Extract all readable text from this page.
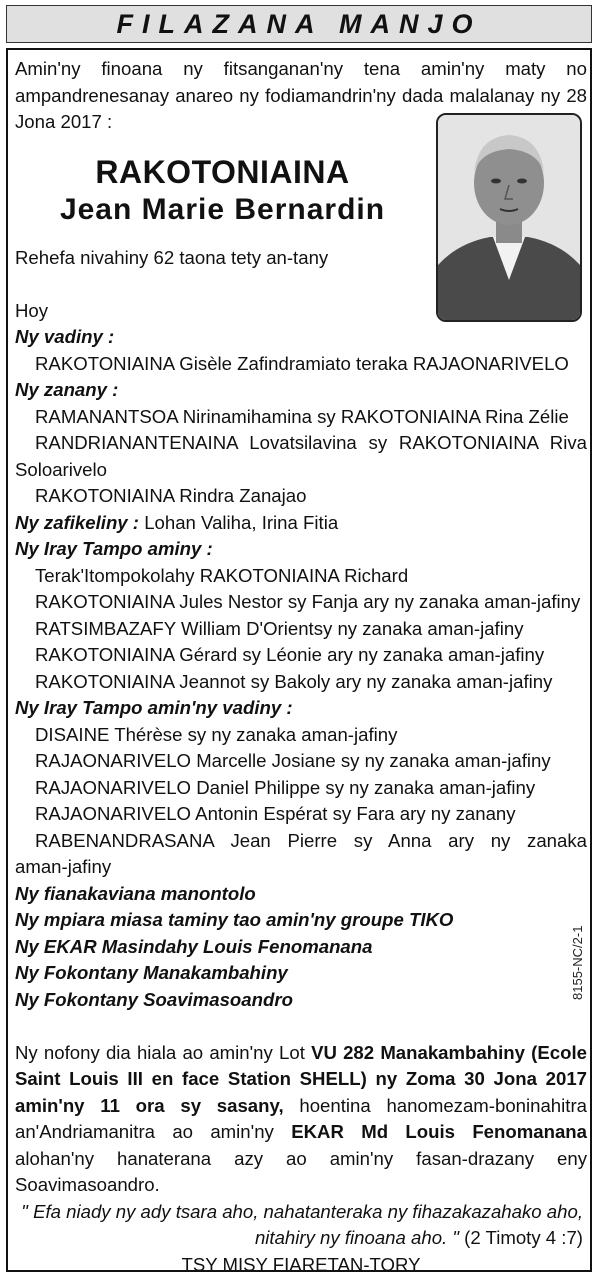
FILAZANA MANJO
8155-NC/2-1

Amin'ny finoana ny fitsanganan'ny tena amin'ny maty no ampandrenesanay anareo ny fodiamandrin'ny dada malalanay ny 28 Jona 2017 :

RAKOTONIAINA
Jean Marie Bernardin

Rehefa nivahiny 62 taona tety an-tany

Hoy

Ny vadiny :

RAKOTONIAINA Gisèle Zafindramiato teraka RAJAONARIVELO

Ny zanany :

RAMANANTSOA Nirinamihamina sy RAKOTONIAINA Rina Zélie

RANDRIANANTENAINA Lovatsilavina sy RAKOTONIAINA Riva

Soloarivelo

RAKOTONIAINA Rindra Zanajao

Ny zafikeliny : Lohan Valiha, Irina Fitia

Ny Iray Tampo aminy :

Terak'Itompokolahy RAKOTONIAINA Richard

RAKOTONIAINA Jules Nestor sy Fanja ary ny zanaka aman-jafiny

RATSIMBAZAFY William D'Orientsy ny zanaka aman-jafiny

RAKOTONIAINA Gérard sy Léonie ary ny zanaka aman-jafiny

RAKOTONIAINA Jeannot sy Bakoly ary ny zanaka aman-jafiny

Ny Iray Tampo amin'ny vadiny :

DISAINE Thérèse sy ny zanaka aman-jafiny

RAJAONARIVELO Marcelle Josiane sy ny zanaka aman-jafiny

RAJAONARIVELO Daniel Philippe sy ny zanaka aman-jafiny

RAJAONARIVELO Antonin Espérat sy Fara ary ny zanany

RABENANDRASANA Jean Pierre sy Anna ary ny zanaka

aman-jafiny

Ny fianakaviana manontolo

Ny mpiara miasa taminy tao amin'ny groupe TIKO

Ny EKAR Masindahy Louis Fenomanana

Ny Fokontany Manakambahiny

Ny Fokontany Soavimasoandro

Ny nofony dia hiala ao amin'ny Lot VU 282 Manakambahiny (Ecole Saint Louis III en face Station SHELL) ny Zoma 30 Jona 2017 amin'ny 11 ora sy sasany, hoentina hanomezam-boninahitra an'Andriamanitra ao amin'ny EKAR Md Louis Fenomanana alohan'ny hanaterana azy ao amin'ny fasan-drazany eny Soavimasoandro.

" Efa niady ny ady tsara aho, nahatanteraka ny fihazakazahako aho,

nitahiry ny finoana aho. " (2 Timoty 4 :7)

TSY MISY FIARETAN-TORY
